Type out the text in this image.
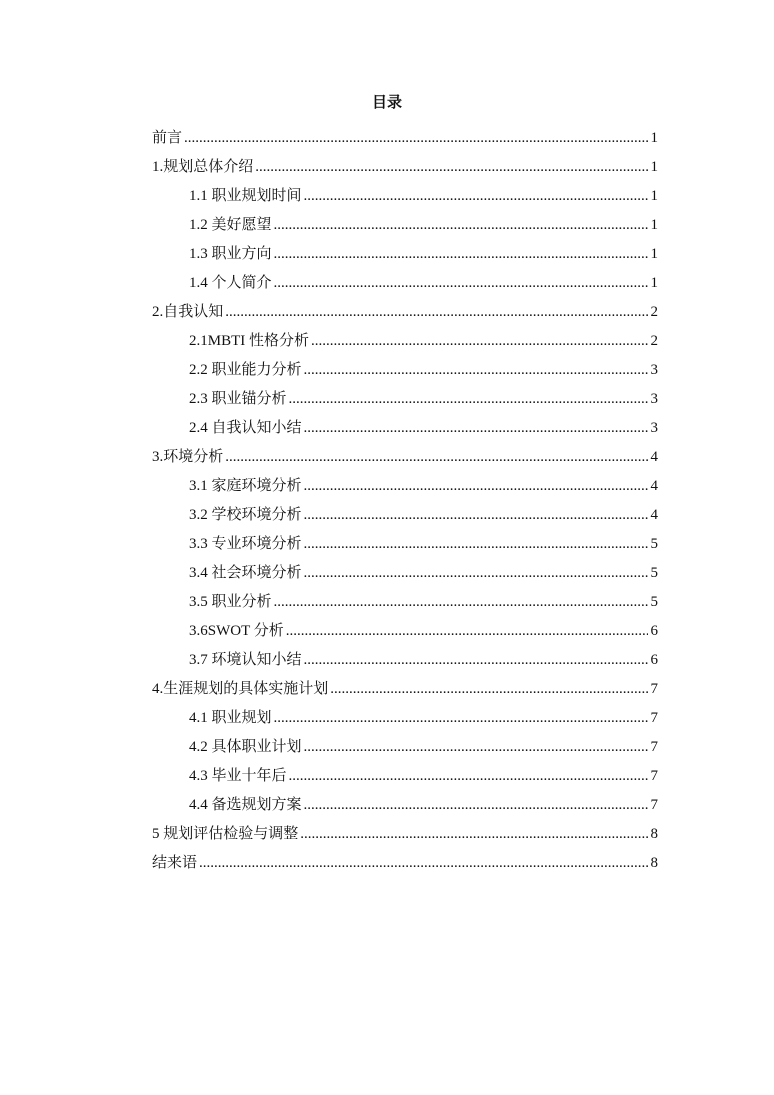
目录
前言 .....	1
1.规划总体介绍 .....	1
1.1 职业规划时间 .....	1
1.2 美好愿望 .....	1
1.3 职业方向 .....	1
1.4 个人简介 .....	1
2.自我认知 .....	2
2.1MBTI 性格分析 .....	2
2.2 职业能力分析 .....	3
2.3 职业锚分析 .....	3
2.4 自我认知小结 .....	3
3.环境分析 .....	4
3.1 家庭环境分析 .....	4
3.2 学校环境分析 .....	4
3.3 专业环境分析 .....	5
3.4 社会环境分析 .....	5
3.5 职业分析 .....	5
3.6SWOT 分析 .....	6
3.7 环境认知小结 .....	6
4.生涯规划的具体实施计划 .....	7
4.1 职业规划 .....	7
4.2 具体职业计划 .....	7
4.3 毕业十年后 .....	7
4.4 备选规划方案 .....	7
5 规划评估检验与调整 .....	8
结来语 .....	8
